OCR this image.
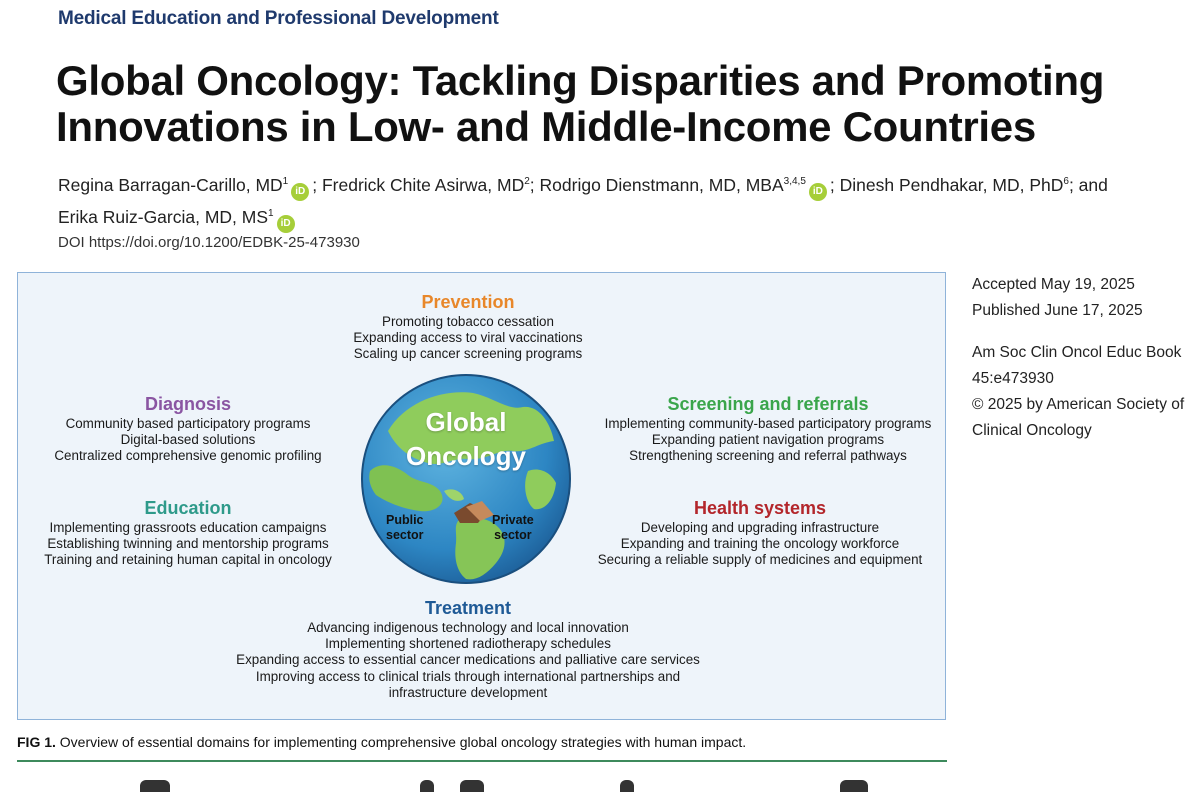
Medical Education and Professional Development
Global Oncology: Tackling Disparities and Promoting
Innovations in Low- and Middle-Income Countries
Regina Barragan-Carillo, $MD^1iD$ ; Fredrick Chite Asirwa, $MD^2$; Rodrigo Dienstmann, MD, MBA$^{3,4,5}$iD ; Dinesh Pendhakar, MD, PhD$^6$; and
Erika Ruiz-Garcia, MD, $MS^1iD$
DOI https://doi.org/10.1200/EDBK-25-473930
Prevention
Promoting tobacco cessation
Expanding access to viral vaccinations
Scaling up cancer screening programs
Diagnosis
Community based participatory programs
Digital-based solutions
Centralized comprehensive genomic profiling
Screening and referrals
Implementing community-based participatory programs
Expanding patient navigation programs
Strengthening screening and referral pathways
Education
Implementing grassroots education campaigns
Establishing twinning and mentorship programs
Training and retaining human capital in oncology
Health systems
Developing and upgrading infrastructure
Expanding and training the oncology workforce
Securing a reliable supply of medicines and equipment
Treatment
Advancing indigenous technology and local innovation
Implementing shortened radiotherapy schedules
Expanding access to essential cancer medications and palliative care services
Improving access to clinical trials through international partnerships and
infrastructure development
Global
Oncology
Public
sector
Private
sector
Accepted May 19, 2025
Published June 17, 2025
Am Soc Clin Oncol Educ Book
45:e473930
© 2025 by American Society of
Clinical Oncology
FIG 1. Overview of essential domains for implementing comprehensive global oncology strategies with human impact.
